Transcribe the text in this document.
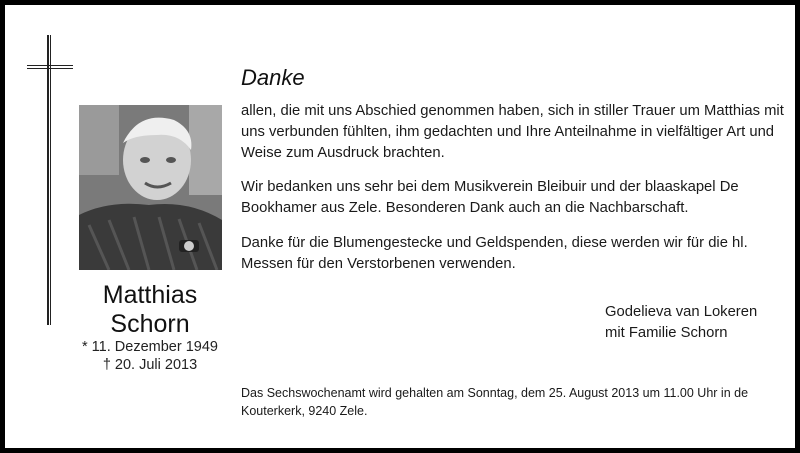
Matthias
Schorn
* 11. Dezember 1949
† 20. Juli 2013
Danke
allen, die mit uns Abschied genommen haben, sich in stiller Trauer um Matthias mit uns verbunden fühlten, ihm gedachten und Ihre Anteilnahme in vielfältiger Art und Weise zum Ausdruck brachten.
Wir bedanken uns sehr bei dem Musikverein Bleibuir und der blaaskapel De Bookhamer aus Zele. Besonderen Dank auch an die Nachbarschaft.
Danke für die Blumengestecke und Geldspenden, diese werden wir für die hl. Messen für den Verstorbenen verwenden.
Godelieva van Lokeren
mit Familie Schorn
Das Sechswochenamt wird gehalten am Sonntag, dem 25. August 2013 um 11.00 Uhr in de Kouterkerk, 9240 Zele.
